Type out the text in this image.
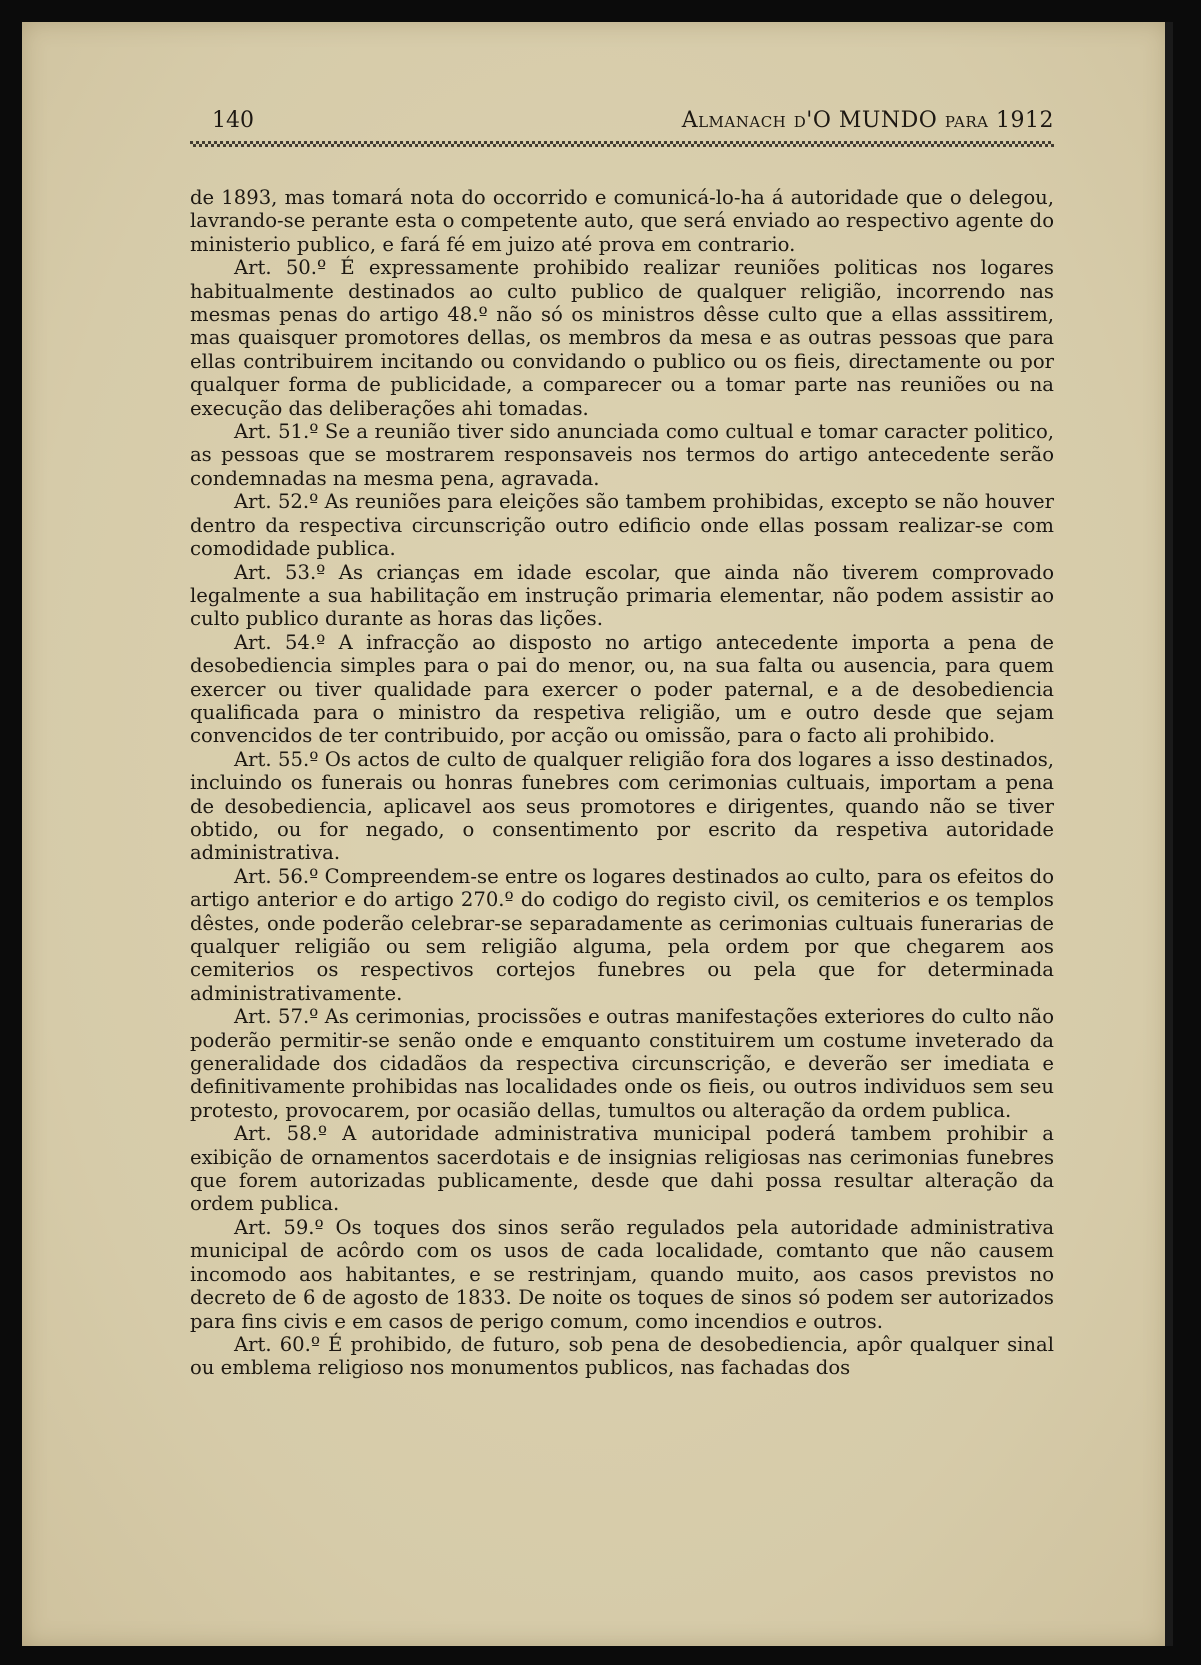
140	Almanach d'O MUNDO para 1912

de 1893, mas tomará nota do occorrido e comunicá-lo-ha á autoridade que o delegou, lavrando-se perante esta o competente auto, que será enviado ao respectivo agente do ministerio publico, e fará fé em juizo até prova em contrario.

Art. 50.º É expressamente prohibido realizar reuniões politicas nos logares habitualmente destinados ao culto publico de qualquer religião, incorrendo nas mesmas penas do artigo 48.º não só os ministros dêsse culto que a ellas asssitirem, mas quaisquer promotores dellas, os membros da mesa e as outras pessoas que para ellas contribuirem incitando ou convidando o publico ou os fieis, directamente ou por qualquer forma de publicidade, a comparecer ou a tomar parte nas reuniões ou na execução das deliberações ahi tomadas.

Art. 51.º Se a reunião tiver sido anunciada como cultual e tomar caracter politico, as pessoas que se mostrarem responsaveis nos termos do artigo antecedente serão condemnadas na mesma pena, agravada.

Art. 52.º As reuniões para eleições são tambem prohibidas, excepto se não houver dentro da respectiva circunscrição outro edificio onde ellas possam realizar-se com comodidade publica.

Art. 53.º As crianças em idade escolar, que ainda não tiverem comprovado legalmente a sua habilitação em instrução primaria elementar, não podem assistir ao culto publico durante as horas das lições.

Art. 54.º A infracção ao disposto no artigo antecedente importa a pena de desobediencia simples para o pai do menor, ou, na sua falta ou ausencia, para quem exercer ou tiver qualidade para exercer o poder paternal, e a de desobediencia qualificada para o ministro da respetiva religião, um e outro desde que sejam convencidos de ter contribuido, por acção ou omissão, para o facto ali prohibido.

Art. 55.º Os actos de culto de qualquer religião fora dos logares a isso destinados, incluindo os funerais ou honras funebres com cerimonias cultuais, importam a pena de desobediencia, aplicavel aos seus promotores e dirigentes, quando não se tiver obtido, ou for negado, o consentimento por escrito da respetiva autoridade administrativa.

Art. 56.º Compreendem-se entre os logares destinados ao culto, para os efeitos do artigo anterior e do artigo 270.º do codigo do registo civil, os cemiterios e os templos dêstes, onde poderão celebrar-se separadamente as cerimonias cultuais funerarias de qualquer religião ou sem religião alguma, pela ordem por que chegarem aos cemiterios os respectivos cortejos funebres ou pela que for determinada administrativamente.

Art. 57.º As cerimonias, procissões e outras manifestações exteriores do culto não poderão permitir-se senão onde e emquanto constituirem um costume inveterado da generalidade dos cidadãos da respectiva circunscrição, e deverão ser imediata e definitivamente prohibidas nas localidades onde os fieis, ou outros individuos sem seu protesto, provocarem, por ocasião dellas, tumultos ou alteração da ordem publica.

Art. 58.º A autoridade administrativa municipal poderá tambem prohibir a exibição de ornamentos sacerdotais e de insignias religiosas nas cerimonias funebres que forem autorizadas publicamente, desde que dahi possa resultar alteração da ordem publica.

Art. 59.º Os toques dos sinos serão regulados pela autoridade administrativa municipal de acôrdo com os usos de cada localidade, comtanto que não causem incomodo aos habitantes, e se restrinjam, quando muito, aos casos previstos no decreto de 6 de agosto de 1833. De noite os toques de sinos só podem ser autorizados para fins civis e em casos de perigo comum, como incendios e outros.

Art. 60.º É prohibido, de futuro, sob pena de desobediencia, apôr qualquer sinal ou emblema religioso nos monumentos publicos, nas fachadas dos
